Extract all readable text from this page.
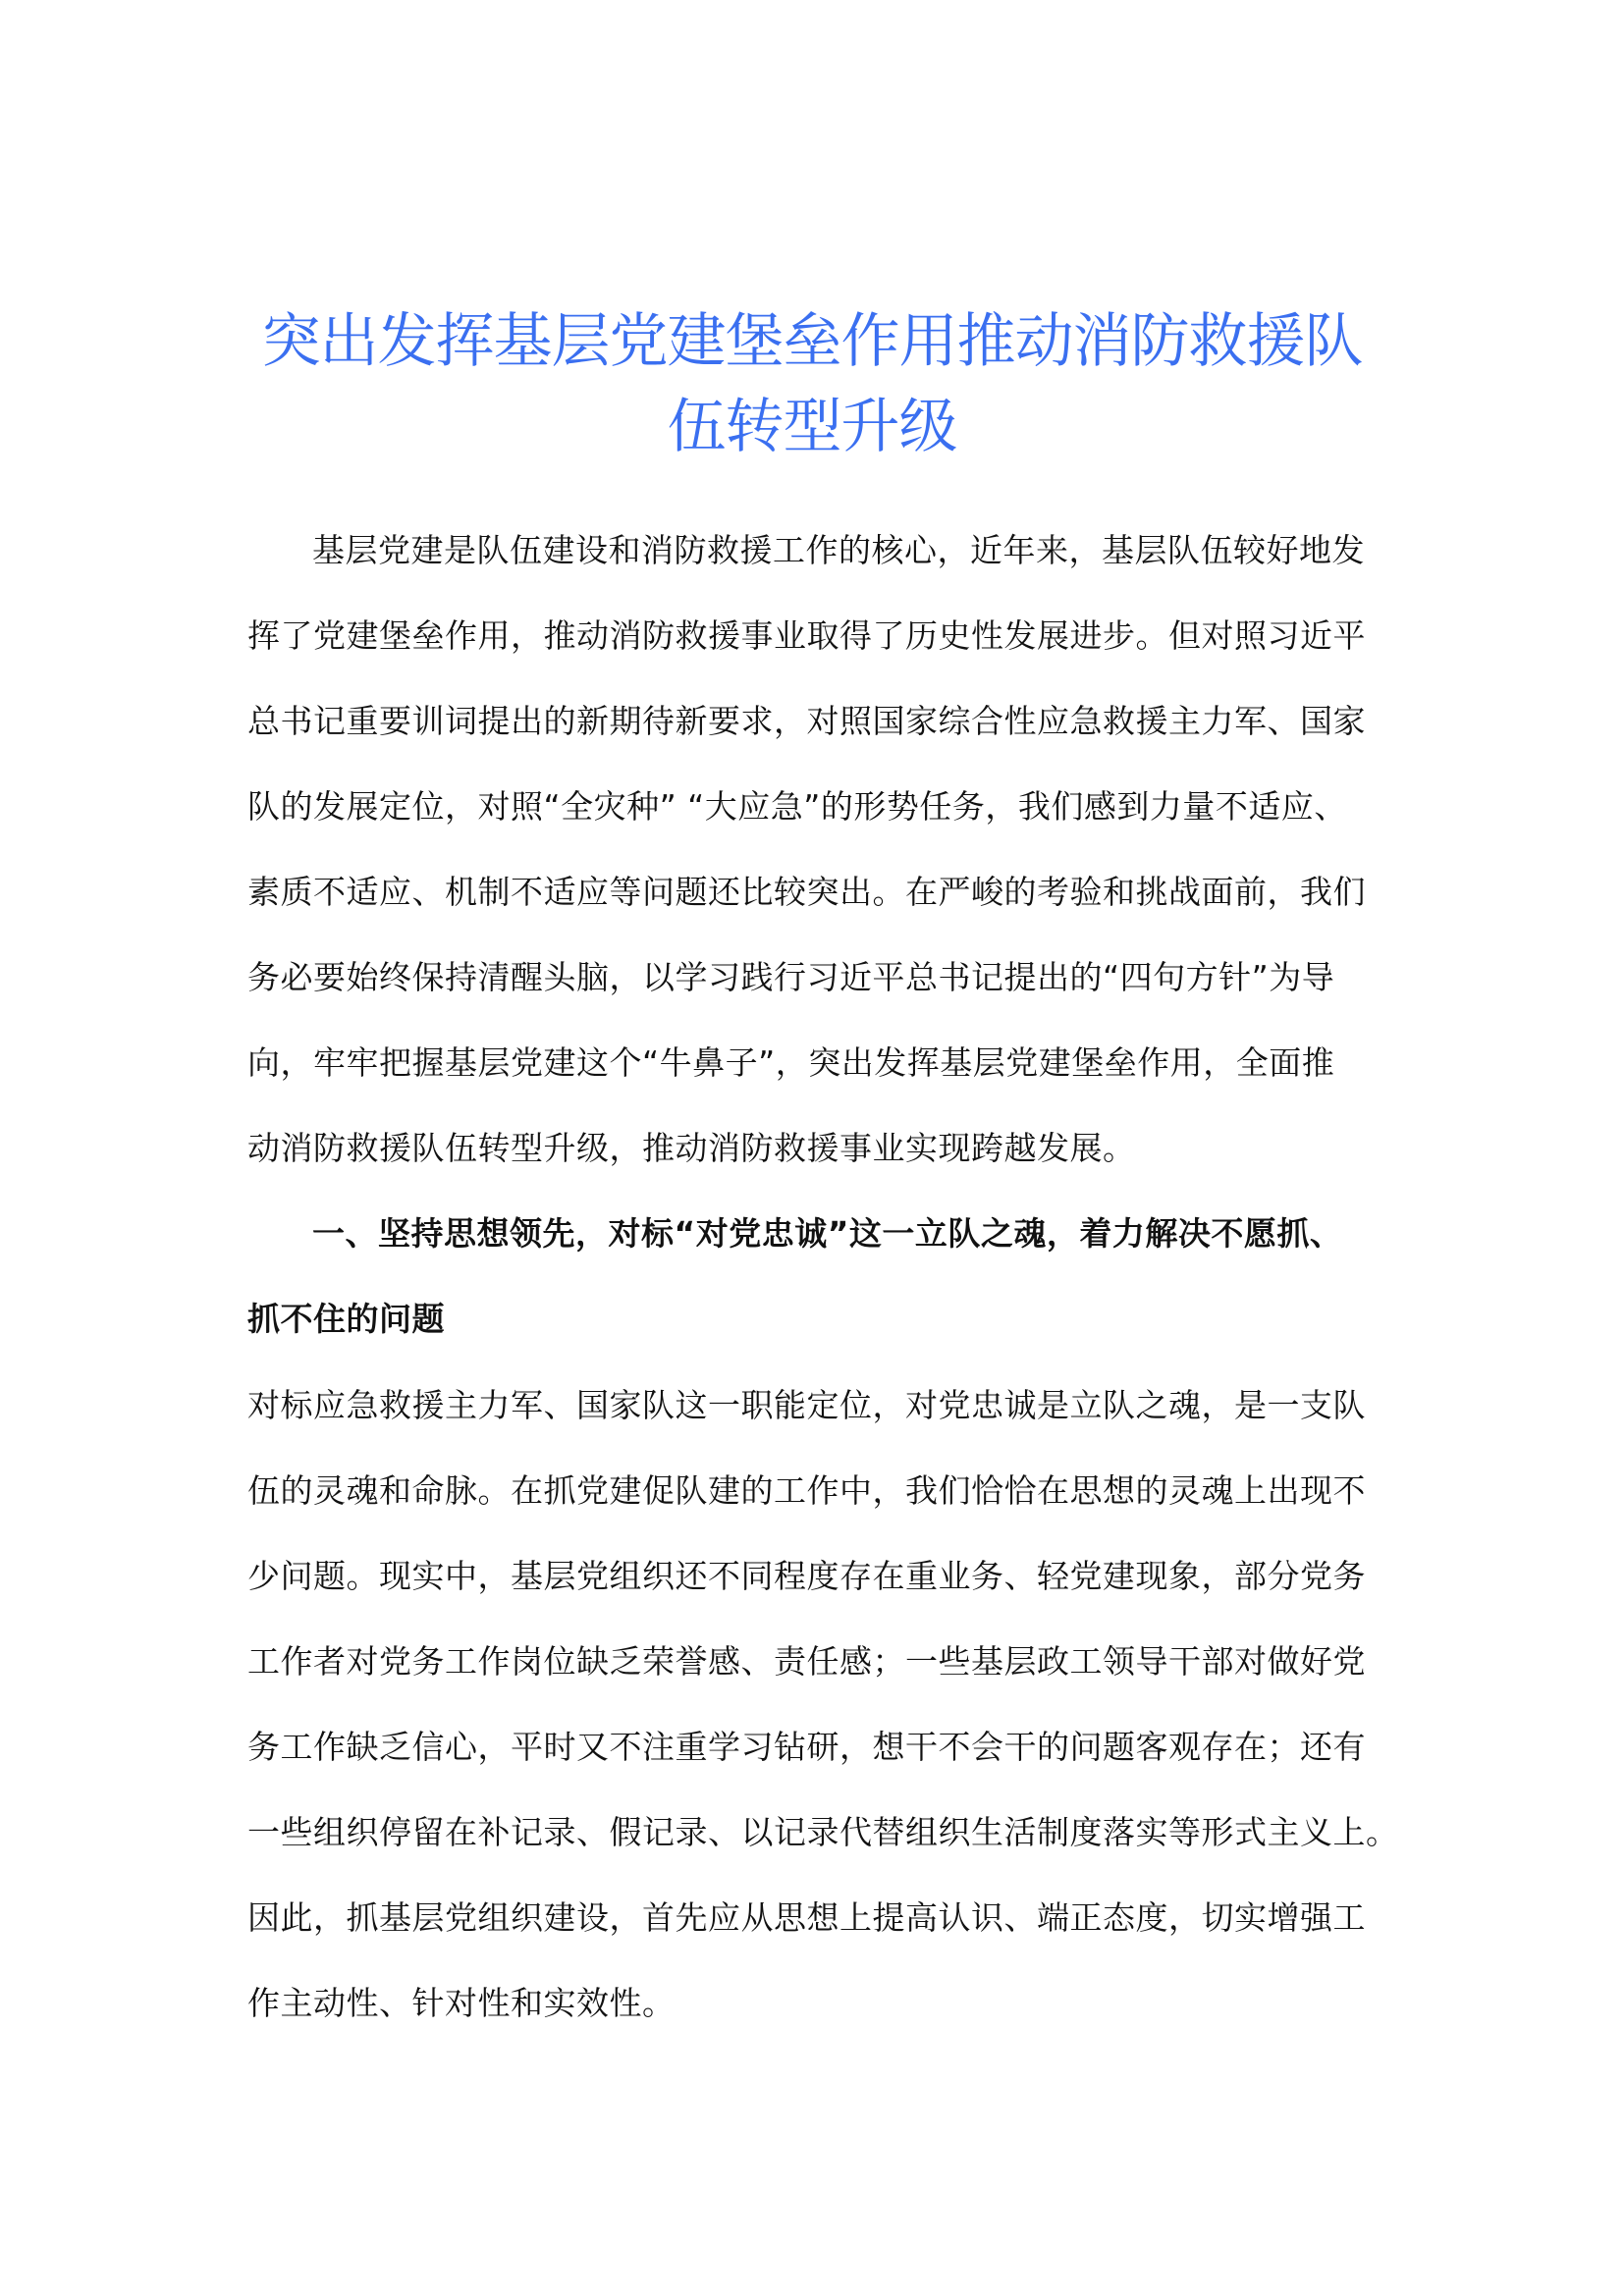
突出发挥基层党建堡垒作用推动消防救援队
伍转型升级
基层党建是队伍建设和消防救援工作的核心，近年来，基层队伍较好地发
挥了党建堡垒作用，推动消防救援事业取得了历史性发展进步。但对照习近平
总书记重要训词提出的新期待新要求，对照国家综合性应急救援主力军、国家
队的发展定位，对照“全灾种” “大应急”的形势任务，我们感到力量不适应、
素质不适应、机制不适应等问题还比较突出。在严峻的考验和挑战面前，我们
务必要始终保持清醒头脑，以学习践行习近平总书记提出的“四句方针”为导
向，牢牢把握基层党建这个“牛鼻子”，突出发挥基层党建堡垒作用，全面推
动消防救援队伍转型升级，推动消防救援事业实现跨越发展。
一、坚持思想领先，对标“对党忠诚”这一立队之魂，着力解决不愿抓、
抓不住的问题
对标应急救援主力军、国家队这一职能定位，对党忠诚是立队之魂，是一支队
伍的灵魂和命脉。在抓党建促队建的工作中，我们恰恰在思想的灵魂上出现不
少问题。现实中，基层党组织还不同程度存在重业务、轻党建现象，部分党务
工作者对党务工作岗位缺乏荣誉感、责任感；一些基层政工领导干部对做好党
务工作缺乏信心，平时又不注重学习钻研，想干不会干的问题客观存在；还有
一些组织停留在补记录、假记录、以记录代替组织生活制度落实等形式主义上。
因此，抓基层党组织建设，首先应从思想上提高认识、端正态度，切实增强工
作主动性、针对性和实效性。
